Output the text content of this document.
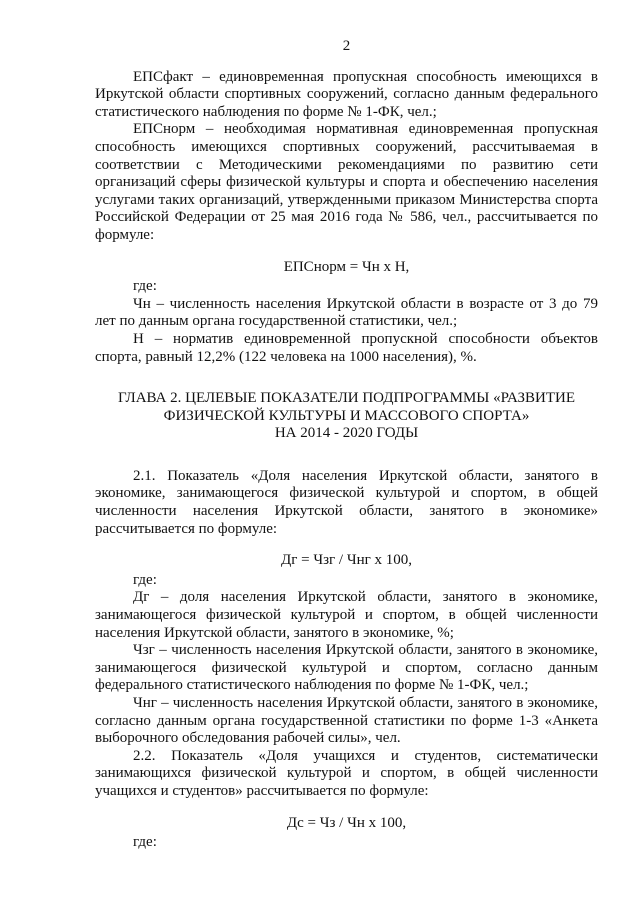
2

ЕПСфакт – единовременная пропускная способность имеющихся в Иркутской области спортивных сооружений, согласно данным федерального статистического наблюдения по форме № 1-ФК, чел.;

ЕПСнорм – необходимая нормативная единовременная пропускная способность имеющихся спортивных сооружений, рассчитываемая в соответствии с Методическими рекомендациями по развитию сети организаций сферы физической культуры и спорта и обеспечению населения услугами таких организаций, утвержденными приказом Министерства спорта Российской Федерации от 25 мая 2016 года № 586, чел., рассчитывается по формуле:

ЕПСнорм = Чн х Н,

где:

Чн – численность населения Иркутской области в возрасте от 3 до 79 лет по данным органа государственной статистики, чел.;

Н – норматив единовременной пропускной способности объектов спорта, равный 12,2% (122 человека на 1000 населения), %.

ГЛАВА 2. ЦЕЛЕВЫЕ ПОКАЗАТЕЛИ ПОДПРОГРАММЫ «РАЗВИТИЕ
ФИЗИЧЕСКОЙ КУЛЬТУРЫ И МАССОВОГО СПОРТА»
НА 2014 - 2020 ГОДЫ

2.1. Показатель «Доля населения Иркутской области, занятого в экономике, занимающегося физической культурой и спортом, в общей численности населения Иркутской области, занятого в экономике» рассчитывается по формуле:

Дг = Чзг / Чнг х 100,

где:

Дг – доля населения Иркутской области, занятого в экономике, занимающегося физической культурой и спортом, в общей численности населения Иркутской области, занятого в экономике, %;

Чзг – численность населения Иркутской области, занятого в экономике, занимающегося физической культурой и спортом, согласно данным федерального статистического наблюдения по форме № 1-ФК, чел.;

Чнг – численность населения Иркутской области, занятого в экономике, согласно данным органа государственной статистики по форме 1-3 «Анкета выборочного обследования рабочей силы», чел.

2.2. Показатель «Доля учащихся и студентов, систематически занимающихся физической культурой и спортом, в общей численности учащихся и студентов» рассчитывается по формуле:

Дс = Чз / Чн х 100,

где:
